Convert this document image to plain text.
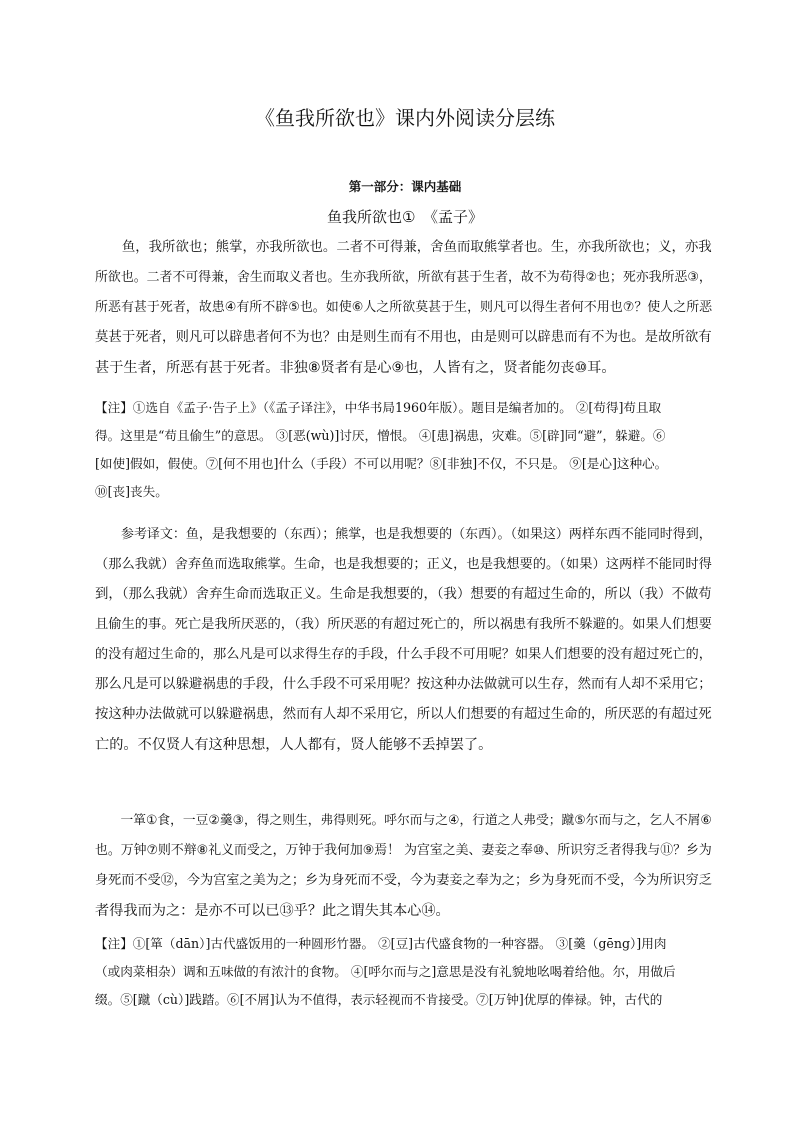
《鱼我所欲也》课内外阅读分层练
第一部分：课内基础
鱼我所欲也①　《孟子》
　　鱼，我所欲也；熊掌，亦我所欲也。二者不可得兼，舍鱼而取熊掌者也。生，亦我所欲也；义，亦我
所欲也。二者不可得兼，舍生而取义者也。生亦我所欲，所欲有甚于生者，故不为苟得②也；死亦我所恶③，
所恶有甚于死者，故患④有所不辟⑤也。如使⑥人之所欲莫甚于生，则凡可以得生者何不用也⑦？使人之所恶
莫甚于死者，则凡可以辟患者何不为也？由是则生而有不用也，由是则可以辟患而有不为也。是故所欲有
甚于生者，所恶有甚于死者。非独⑧贤者有是心⑨也，人皆有之，贤者能勿丧⑩耳。
【注】①选自《孟子·告子上》（《孟子译注》，中华书局1960年版）。题目是编者加的。 ②[苟得]苟且取
得。这里是“苟且偷生”的意思。 ③[恶(wù)]讨厌，憎恨。 ④[患]祸患，灾难。⑤[辟]同“避”，躲避。⑥
[如使]假如，假使。⑦[何不用也]什么（手段）不可以用呢？⑧[非独]不仅，不只是。 ⑨[是心]这种心。
⑩[丧]丧失。
　　参考译文：鱼，是我想要的（东西）；熊掌，也是我想要的（东西）。（如果这）两样东西不能同时得到，
（那么我就）舍弃鱼而选取熊掌。生命，也是我想要的；正义，也是我想要的。（如果）这两样不能同时得
到，（那么我就）舍弃生命而选取正义。生命是我想要的，（我）想要的有超过生命的，所以（我）不做苟
且偷生的事。死亡是我所厌恶的，（我）所厌恶的有超过死亡的，所以祸患有我所不躲避的。如果人们想要
的没有超过生命的，那么凡是可以求得生存的手段，什么手段不可用呢？如果人们想要的没有超过死亡的，
那么凡是可以躲避祸患的手段，什么手段不可采用呢？按这种办法做就可以生存，然而有人却不采用它；
按这种办法做就可以躲避祸患，然而有人却不采用它，所以人们想要的有超过生命的，所厌恶的有超过死
亡的。不仅贤人有这种思想，人人都有，贤人能够不丢掉罢了。
　　一箪①食，一豆②羹③，得之则生，弗得则死。呼尔而与之④，行道之人弗受；蹴⑤尔而与之，乞人不屑⑥
也。万钟⑦则不辩⑧礼义而受之，万钟于我何加⑨焉！ 为宫室之美、妻妾之奉⑩、所识穷乏者得我与⑪？乡为
身死而不受⑫，今为宫室之美为之；乡为身死而不受，今为妻妾之奉为之；乡为身死而不受，今为所识穷乏
者得我而为之：是亦不可以已⑬乎？此之谓失其本心⑭。
【注】①[箪（dān）]古代盛饭用的一种圆形竹器。 ②[豆]古代盛食物的一种容器。 ③[羹（gēng）]用肉
（或肉菜相杂）调和五味做的有浓汁的食物。 ④[呼尔而与之]意思是没有礼貌地吆喝着给他。尔，用做后
缀。⑤[蹴（cù）]践踏。⑥[不屑]认为不值得，表示轻视而不肯接受。⑦[万钟]优厚的俸禄。钟，古代的
